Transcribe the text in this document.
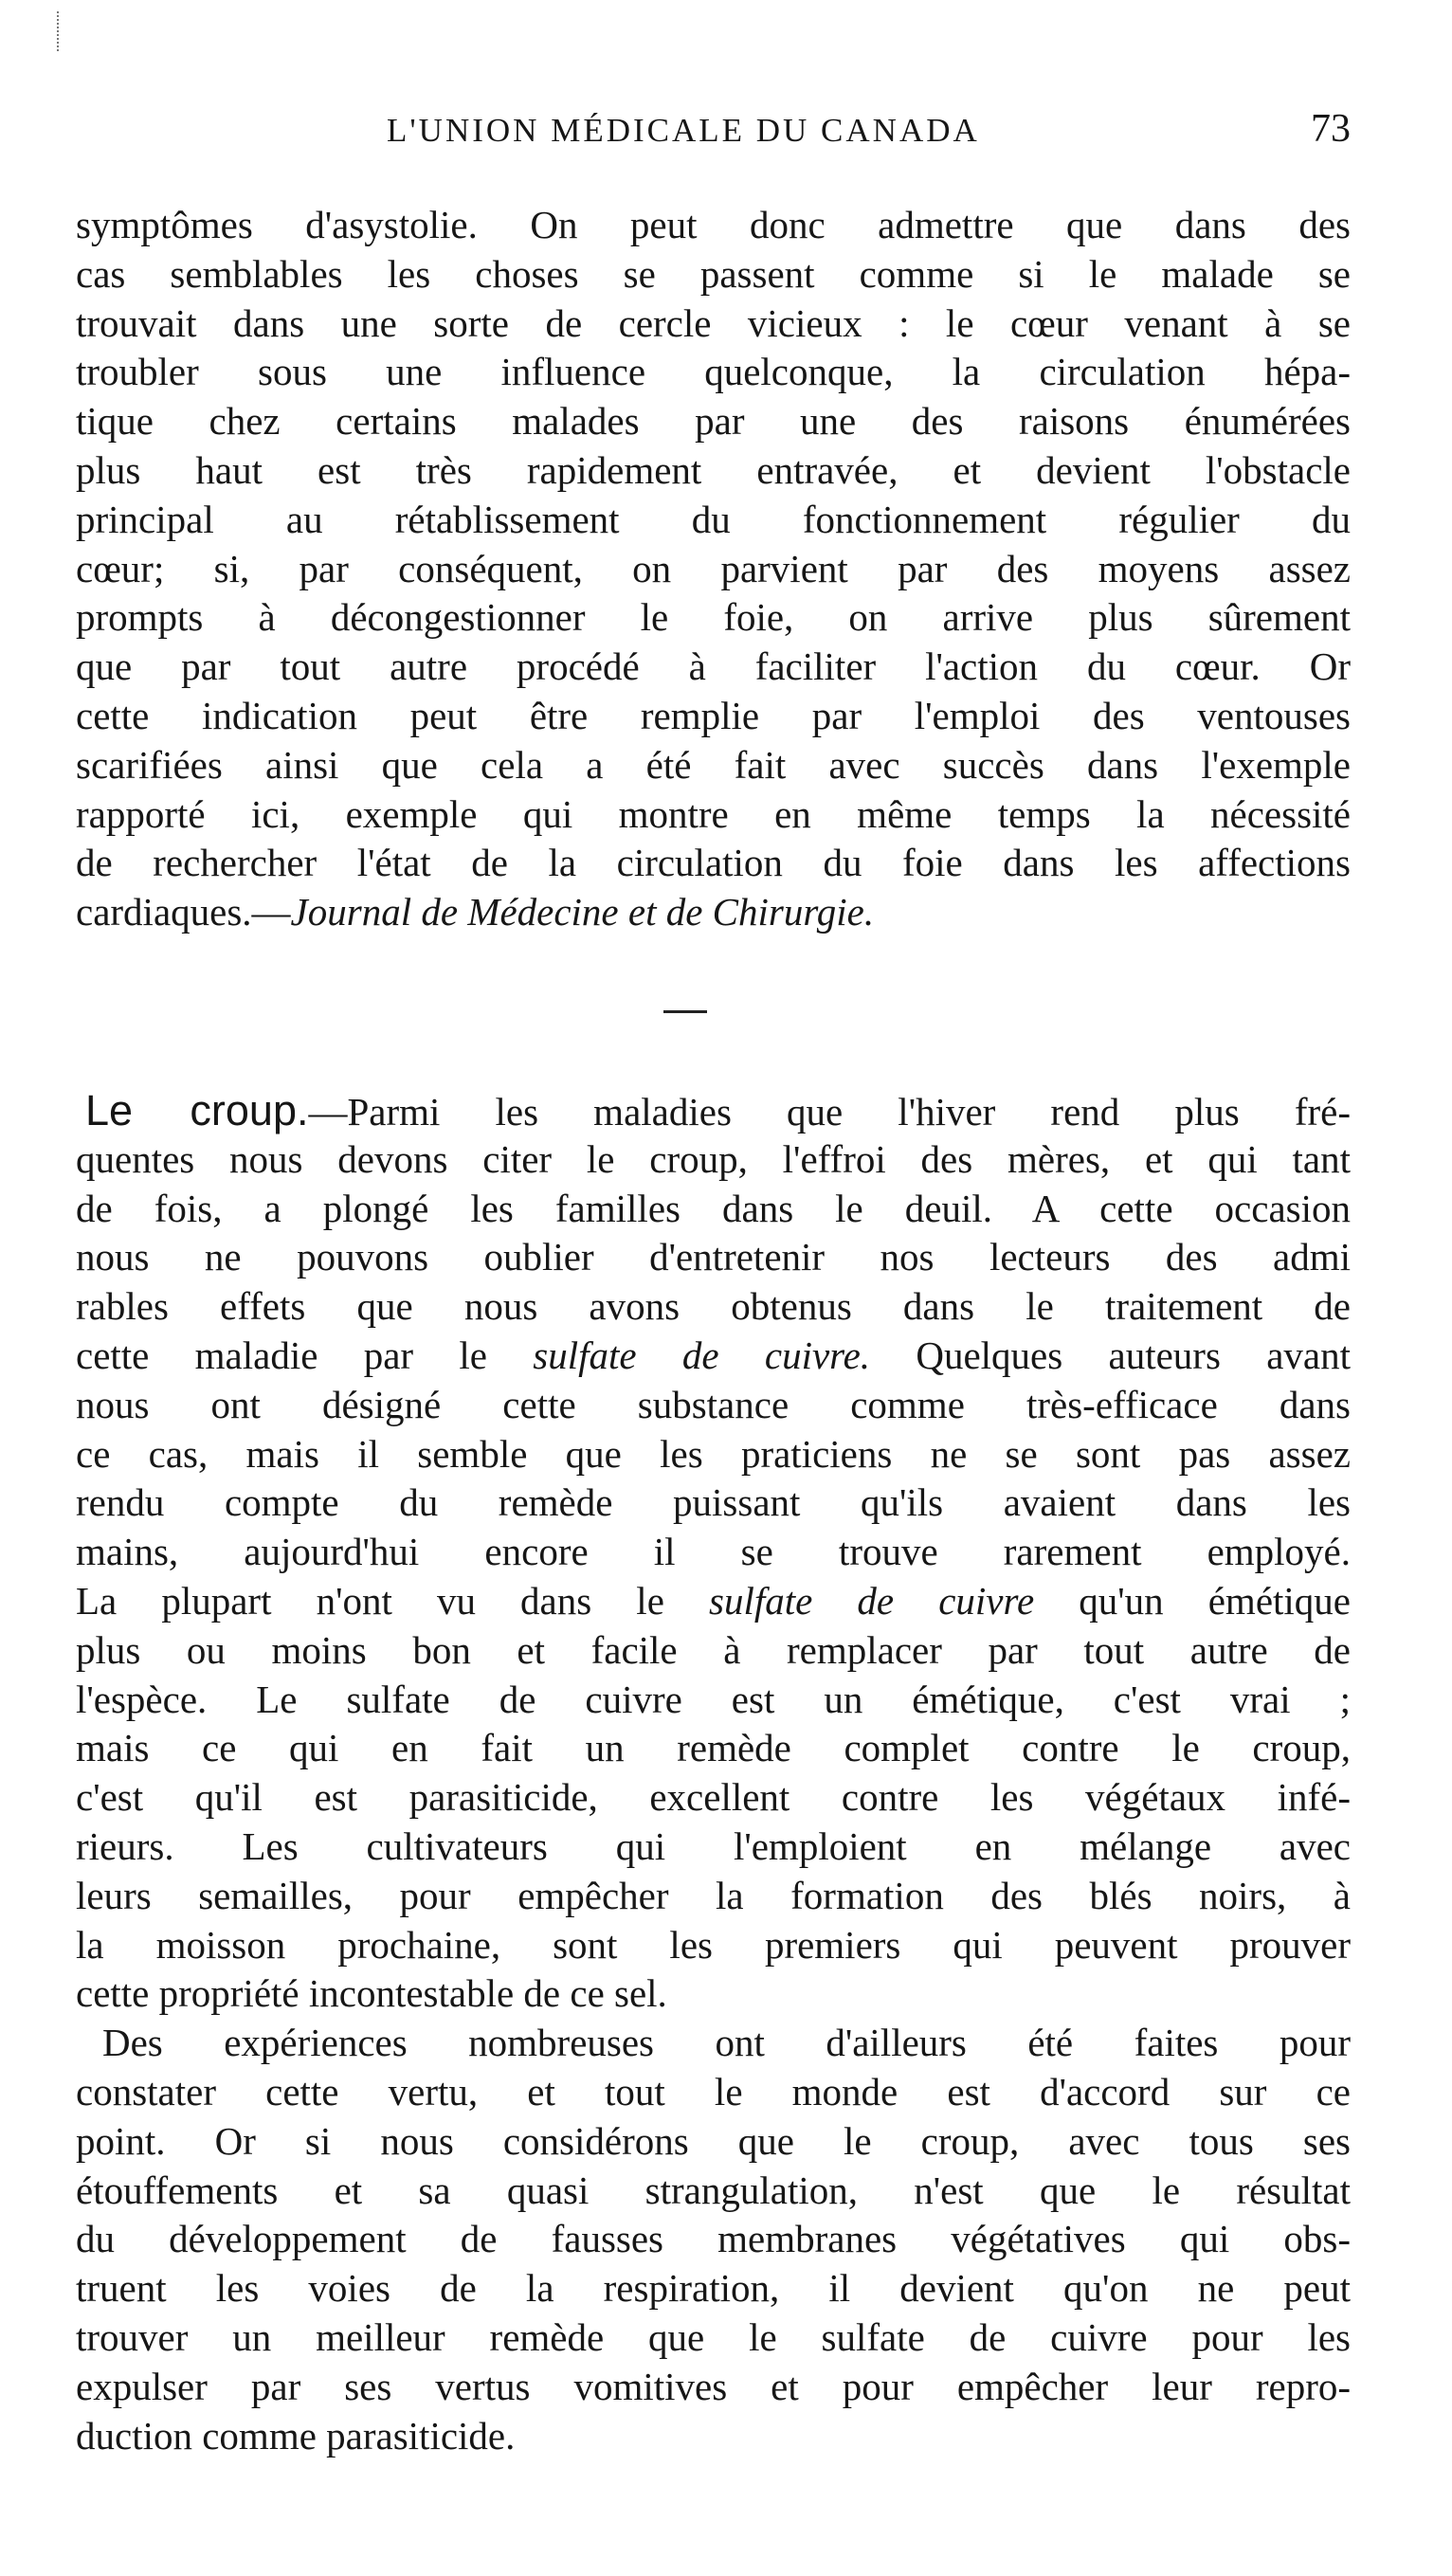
L'UNION MÉDICALE DU CANADA	73
symptômes d'asystolie. On peut donc admettre que dans des
cas semblables les choses se passent comme si le malade se
trouvait dans une sorte de cercle vicieux : le cœur venant à se
troubler sous une influence quelconque, la circulation hépa-
tique chez certains malades par une des raisons énumérées
plus haut est très rapidement entravée, et devient l'obstacle
principal au rétablissement du fonctionnement régulier du
cœur; si, par conséquent, on parvient par des moyens assez
prompts à décongestionner le foie, on arrive plus sûrement
que par tout autre procédé à faciliter l'action du cœur. Or
cette indication peut être remplie par l'emploi des ventouses
scarifiées ainsi que cela a été fait avec succès dans l'exemple
rapporté ici, exemple qui montre en même temps la nécessité
de rechercher l'état de la circulation du foie dans les affections
cardiaques.—Journal de Médecine et de Chirurgie.
Le croup.—Parmi les maladies que l'hiver rend plus fré-
quentes nous devons citer le croup, l'effroi des mères, et qui tant
de fois, a plongé les familles dans le deuil. A cette occasion
nous ne pouvons oublier d'entretenir nos lecteurs des admi
rables effets que nous avons obtenus dans le traitement de
cette maladie par le sulfate de cuivre. Quelques auteurs avant
nous ont désigné cette substance comme très-efficace dans
ce cas, mais il semble que les praticiens ne se sont pas assez
rendu compte du remède puissant qu'ils avaient dans les
mains, aujourd'hui encore il se trouve rarement employé.
La plupart n'ont vu dans le sulfate de cuivre qu'un émétique
plus ou moins bon et facile à remplacer par tout autre de
l'espèce. Le sulfate de cuivre est un émétique, c'est vrai ;
mais ce qui en fait un remède complet contre le croup,
c'est qu'il est parasiticide, excellent contre les végétaux infé-
rieurs. Les cultivateurs qui l'emploient en mélange avec
leurs semailles, pour empêcher la formation des blés noirs, à
la moisson prochaine, sont les premiers qui peuvent prouver
cette propriété incontestable de ce sel.
Des expériences nombreuses ont d'ailleurs été faites pour
constater cette vertu, et tout le monde est d'accord sur ce
point. Or si nous considérons que le croup, avec tous ses
étouffements et sa quasi strangulation, n'est que le résultat
du développement de fausses membranes végétatives qui obs-
truent les voies de la respiration, il devient qu'on ne peut
trouver un meilleur remède que le sulfate de cuivre pour les
expulser par ses vertus vomitives et pour empêcher leur repro-
duction comme parasiticide.
